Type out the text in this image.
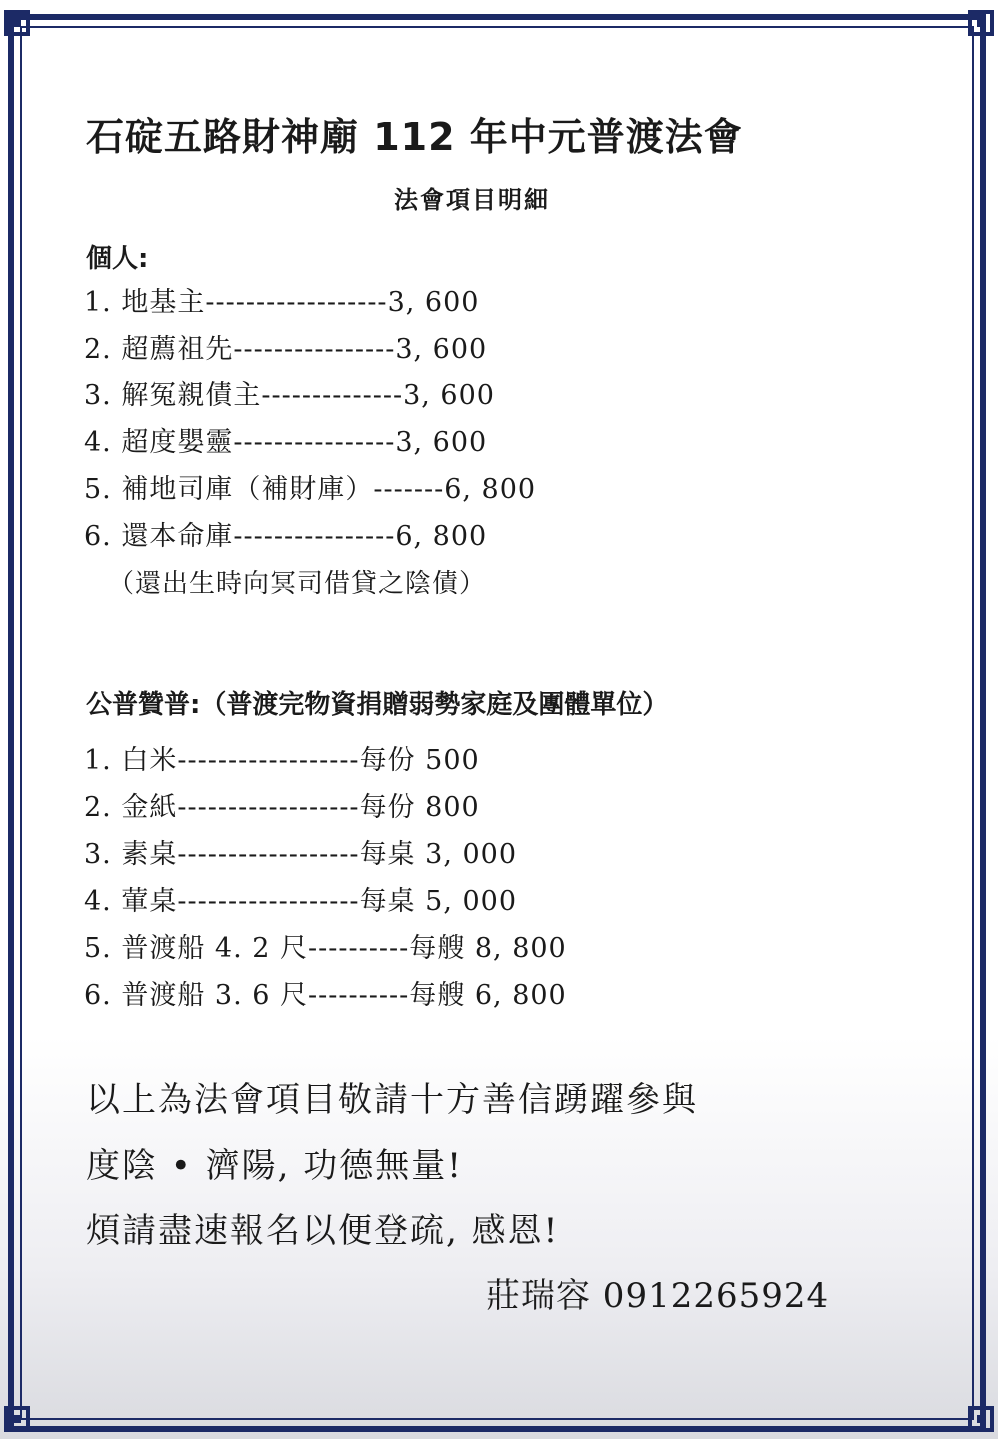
石碇五路財神廟 112 年中元普渡法會
法會項目明細
個人:
1. 地基主------------------3, 600
2. 超薦祖先----------------3, 600
3. 解冤親債主--------------3, 600
4. 超度嬰靈----------------3, 600
5. 補地司庫（補財庫）-------6, 800
6. 還本命庫----------------6, 800
（還出生時向冥司借貸之陰債）
公普贊普:（普渡完物資捐贈弱勢家庭及團體單位）
1. 白米------------------每份 500
2. 金紙------------------每份 800
3. 素桌------------------每桌 3, 000
4. 葷桌------------------每桌 5, 000
5. 普渡船 4. 2 尺----------每艘 8, 800
6. 普渡船 3. 6 尺----------每艘 6, 800
以上為法會項目敬請十方善信踴躍參與
度陰 • 濟陽, 功德無量!
煩請盡速報名以便登疏, 感恩!
莊瑞容 0912265924
